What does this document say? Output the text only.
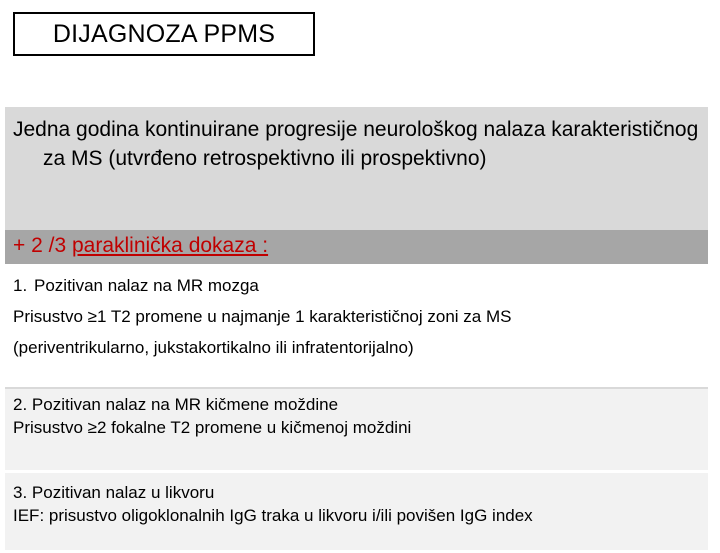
DIJAGNOZA PPMS
Jedna godina kontinuirane progresije neurološkog nalaza karakterističnog za MS (utvrđeno retrospektivno ili prospektivno)
+ 2 /3 paraklinička dokaza :
1. Pozitivan nalaz na MR mozga
Prisustvo ≥1 T2 promene u najmanje 1 karakterističnoj zoni za MS
(periventrikularno, jukstakortikalno ili infratentorijalno)
2. Pozitivan nalaz na MR kičmene moždine
Prisustvo ≥2 fokalne T2 promene u kičmenoj moždini
3. Pozitivan nalaz u likvoru
IEF: prisustvo oligoklonalnih IgG traka u likvoru i/ili povišen IgG index
